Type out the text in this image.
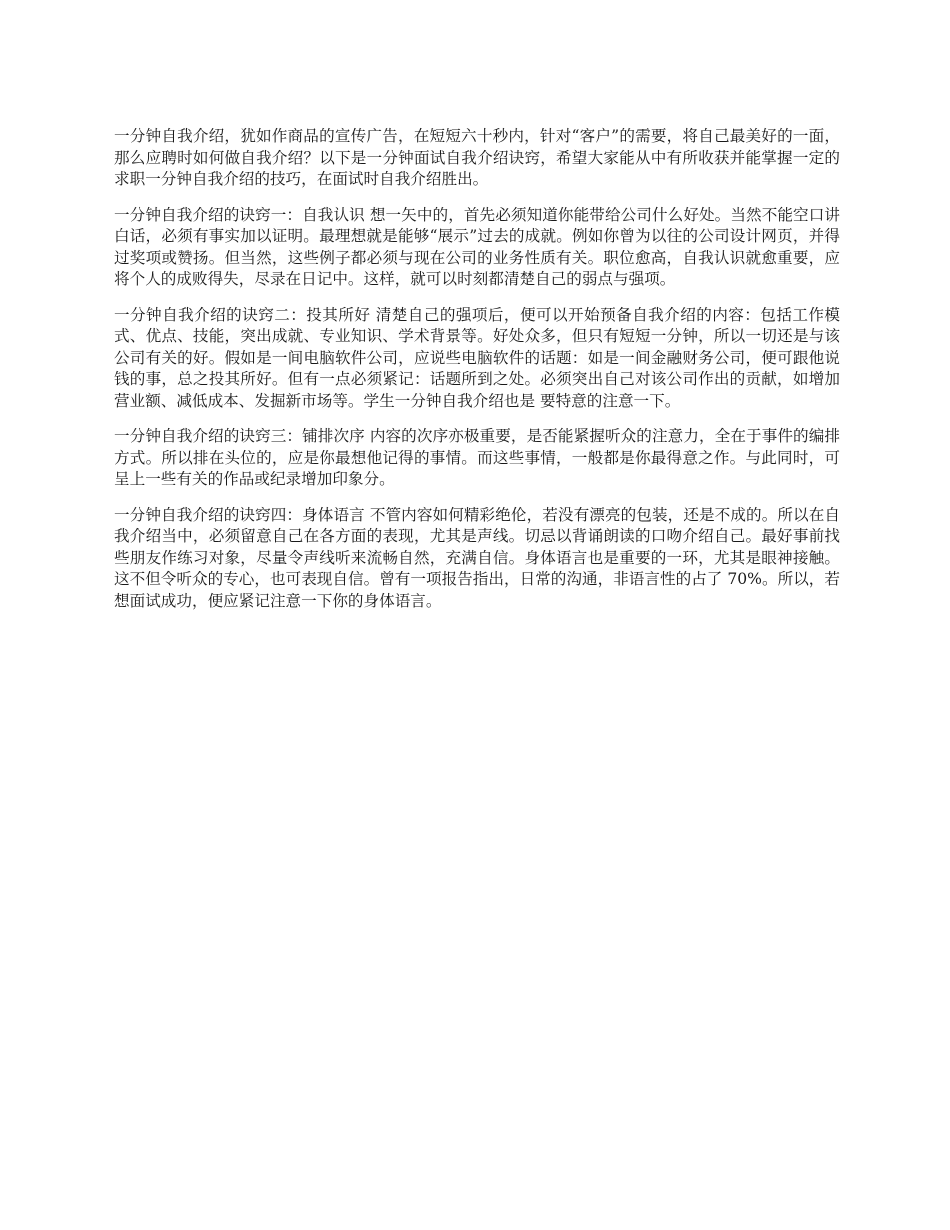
一分钟自我介绍，犹如作商品的宣传广告，在短短六十秒内，针对“客户”的需要，将自己最美好的一面，那么应聘时如何做自我介绍？以下是一分钟面试自我介绍诀窍，希望大家能从中有所收获并能掌握一定的求职一分钟自我介绍的技巧，在面试时自我介绍胜出。

一分钟自我介绍的诀窍一：自我认识 想一矢中的，首先必须知道你能带给公司什么好处。当然不能空口讲白话，必须有事实加以证明。最理想就是能够“展示”过去的成就。例如你曾为以往的公司设计网页，并得过奖项或赞扬。但当然，这些例子都必须与现在公司的业务性质有关。职位愈高，自我认识就愈重要，应将个人的成败得失，尽录在日记中。这样，就可以时刻都清楚自己的弱点与强项。

一分钟自我介绍的诀窍二：投其所好 清楚自己的强项后，便可以开始预备自我介绍的内容：包括工作模式、优点、技能，突出成就、专业知识、学术背景等。好处众多，但只有短短一分钟，所以一切还是与该公司有关的好。假如是一间电脑软件公司，应说些电脑软件的话题：如是一间金融财务公司，便可跟他说钱的事，总之投其所好。但有一点必须紧记：话题所到之处。必须突出自己对该公司作出的贡献，如增加营业额、减低成本、发掘新市场等。学生一分钟自我介绍也是 要特意的注意一下。

一分钟自我介绍的诀窍三：铺排次序 内容的次序亦极重要，是否能紧握听众的注意力，全在于事件的编排方式。所以排在头位的，应是你最想他记得的事情。而这些事情，一般都是你最得意之作。与此同时，可呈上一些有关的作品或纪录增加印象分。

一分钟自我介绍的诀窍四：身体语言 不管内容如何精彩绝伦，若没有漂亮的包装，还是不成的。所以在自我介绍当中，必须留意自己在各方面的表现，尤其是声线。切忌以背诵朗读的口吻介绍自己。最好事前找些朋友作练习对象，尽量令声线听来流畅自然，充满自信。身体语言也是重要的一环，尤其是眼神接触。这不但令听众的专心，也可表现自信。曾有一项报告指出，日常的沟通，非语言性的占了 70%。所以，若想面试成功，便应紧记注意一下你的身体语言。
